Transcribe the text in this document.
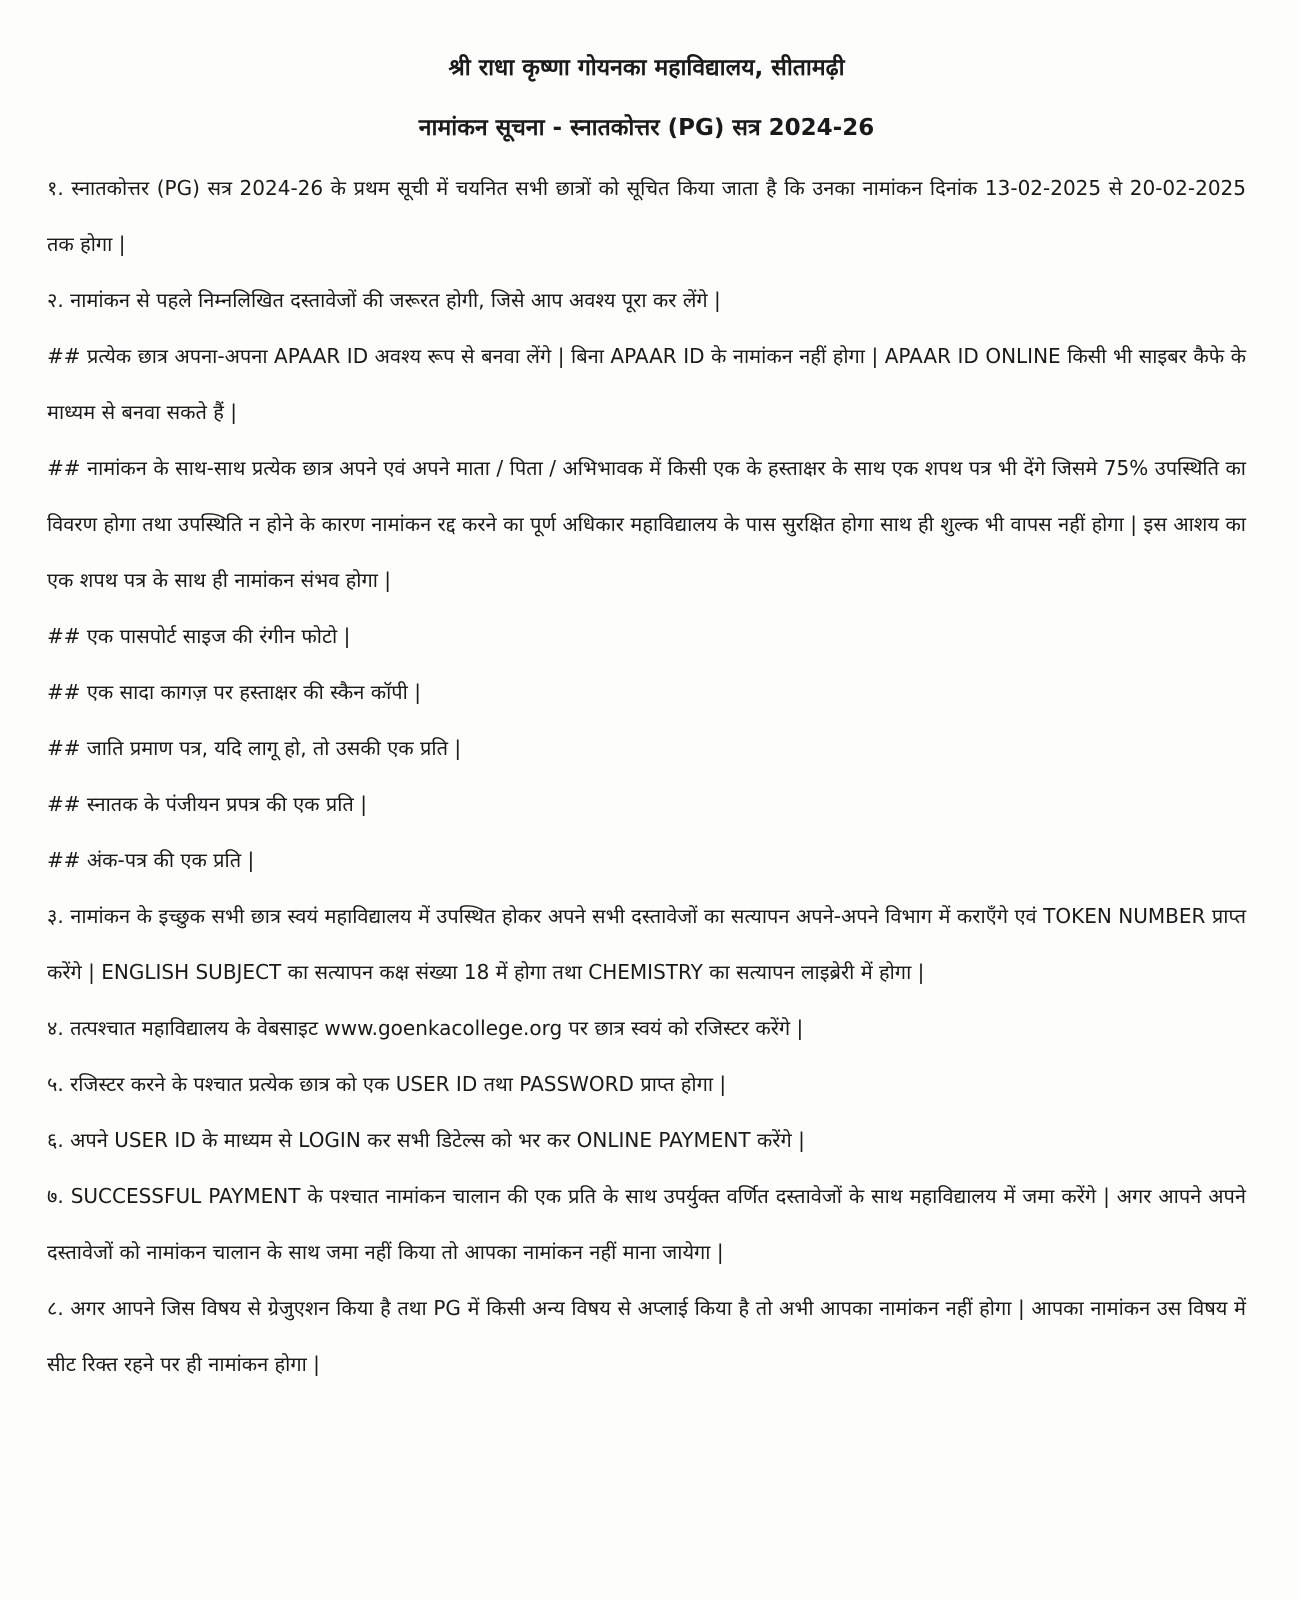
श्री राधा कृष्णा गोयनका महाविद्यालय, सीतामढ़ी
नामांकन सूचना - स्नातकोत्तर (PG) सत्र 2024-26

१. स्नातकोत्तर (PG) सत्र 2024-26 के प्रथम सूची में चयनित सभी छात्रों को सूचित किया जाता है कि उनका नामांकन दिनांक 13-02-2025 से 20-02-2025 तक होगा |

२. नामांकन से पहले निम्नलिखित दस्तावेजों की जरूरत होगी, जिसे आप अवश्य पूरा कर लेंगे |

## प्रत्येक छात्र अपना-अपना APAAR ID अवश्य रूप से बनवा लेंगे | बिना APAAR ID के नामांकन नहीं होगा | APAAR ID ONLINE किसी भी साइबर कैफे के माध्यम से बनवा सकते हैं |

## नामांकन के साथ-साथ प्रत्येक छात्र अपने एवं अपने माता / पिता / अभिभावक में किसी एक के हस्ताक्षर के साथ एक शपथ पत्र भी देंगे जिसमे 75% उपस्थिति का विवरण होगा तथा उपस्थिति न होने के कारण नामांकन रद्द करने का पूर्ण अधिकार महाविद्यालय के पास सुरक्षित होगा साथ ही शुल्क भी वापस नहीं होगा | इस आशय का एक शपथ पत्र के साथ ही नामांकन संभव होगा |

## एक पासपोर्ट साइज की रंगीन फोटो |

## एक सादा कागज़ पर हस्ताक्षर की स्कैन कॉपी |

## जाति प्रमाण पत्र, यदि लागू हो, तो उसकी एक प्रति |

## स्नातक के पंजीयन प्रपत्र की एक प्रति |

## अंक-पत्र की एक प्रति |

३. नामांकन के इच्छुक सभी छात्र स्वयं महाविद्यालय में उपस्थित होकर अपने सभी दस्तावेजों का सत्यापन अपने-अपने विभाग में कराएँगे एवं TOKEN NUMBER प्राप्त करेंगे | ENGLISH SUBJECT का सत्यापन कक्ष संख्या 18 में होगा तथा CHEMISTRY का सत्यापन लाइब्रेरी में होगा |

४. तत्पश्चात महाविद्यालय के वेबसाइट www.goenkacollege.org पर छात्र स्वयं को रजिस्टर करेंगे |

५. रजिस्टर करने के पश्चात प्रत्येक छात्र को एक USER ID तथा PASSWORD प्राप्त होगा |

६. अपने USER ID के माध्यम से LOGIN कर सभी डिटेल्स को भर कर ONLINE PAYMENT करेंगे |

७. SUCCESSFUL PAYMENT के पश्चात नामांकन चालान की एक प्रति के साथ उपर्युक्त वर्णित दस्तावेजों के साथ महाविद्यालय में जमा करेंगे | अगर आपने अपने दस्तावेजों को नामांकन चालान के साथ जमा नहीं किया तो आपका नामांकन नहीं माना जायेगा |

८. अगर आपने जिस विषय से ग्रेजुएशन किया है तथा PG में किसी अन्य विषय से अप्लाई किया है तो अभी आपका नामांकन नहीं होगा | आपका नामांकन उस विषय में सीट रिक्त रहने पर ही नामांकन होगा |
